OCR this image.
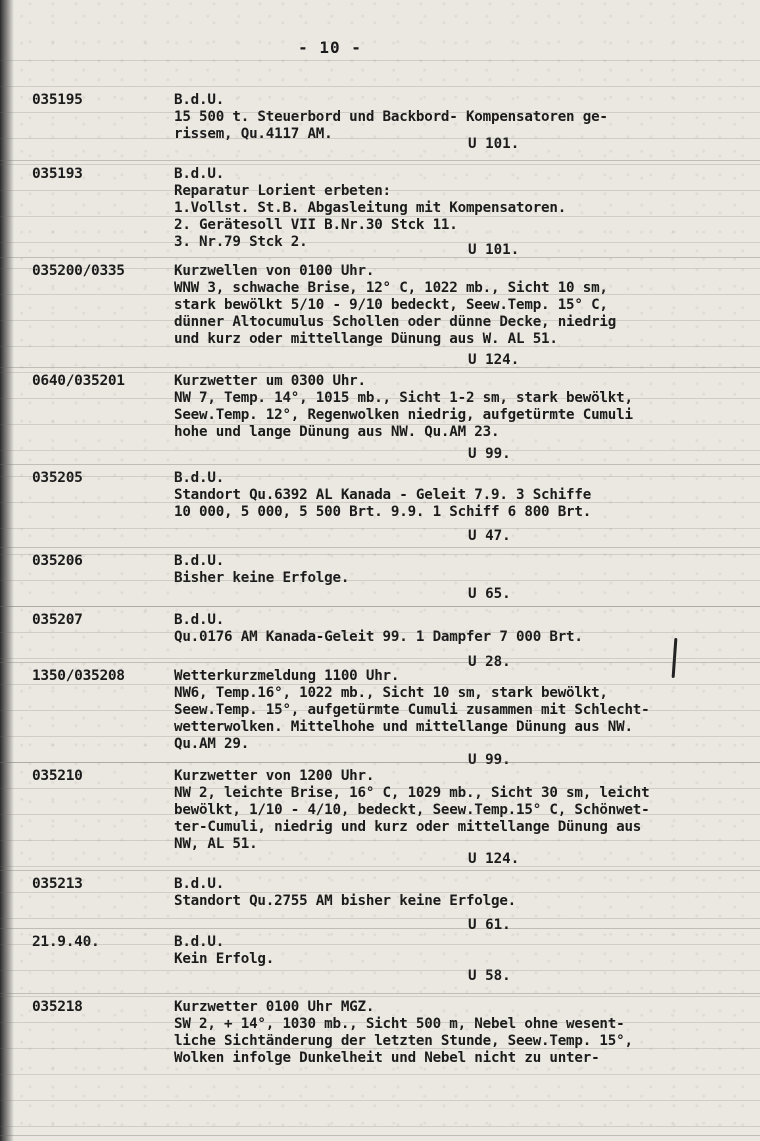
- 10 -
035195	B.d.U.
15 500 t. Steuerbord und Backbord- Kompensatoren ge-
rissem, Qu.4117 AM.
U 101.
035193	B.d.U.
Reparatur Lorient erbeten:
1.Vollst. St.B. Abgasleitung mit Kompensatoren.
2. Gerätesoll VII B.Nr.30 Stck 11.
3. Nr.79 Stck 2.	U 101.
035200/0335	Kurzwellen von 0100 Uhr.
WNW 3, schwache Brise, 12° C, 1022 mb., Sicht 10 sm,
stark bewölkt 5/10 - 9/10 bedeckt, Seew.Temp. 15° C,
dünner Altocumulus Schollen oder dünne Decke, niedrig
und kurz oder mittellange Dünung aus W. AL 51.
U 124.
0640/035201	Kurzwetter um 0300 Uhr.
NW 7, Temp. 14°, 1015 mb., Sicht 1-2 sm, stark bewölkt,
Seew.Temp. 12°, Regenwolken niedrig, aufgetürmte Cumuli
hohe und lange Dünung aus NW. Qu.AM 23.
U 99.
035205	B.d.U.
Standort Qu.6392 AL Kanada - Geleit 7.9. 3 Schiffe
10 000, 5 000, 5 500 Brt. 9.9. 1 Schiff 6 800 Brt.
U 47.
035206	B.d.U.
Bisher keine Erfolge.
U 65.
035207	B.d.U.
Qu.0176 AM Kanada-Geleit 99. 1 Dampfer 7 000 Brt.
U 28.
1350/035208	Wetterkurzmeldung 1100 Uhr.
NW6, Temp.16°, 1022 mb., Sicht 10 sm, stark bewölkt,
Seew.Temp. 15°, aufgetürmte Cumuli zusammen mit Schlecht-
wetterwolken. Mittelhohe und mittellange Dünung aus NW.
Qu.AM 29.
U 99.
035210	Kurzwetter von 1200 Uhr.
NW 2, leichte Brise, 16° C, 1029 mb., Sicht 30 sm, leicht
bewölkt, 1/10 - 4/10, bedeckt, Seew.Temp.15° C, Schönwet-
ter-Cumuli, niedrig und kurz oder mittellange Dünung aus
NW, AL 51.
U 124.
035213	B.d.U.
Standort Qu.2755 AM bisher keine Erfolge.
U 61.
21.9.40.	B.d.U.
Kein Erfolg.
U 58.
035218	Kurzwetter 0100 Uhr MGZ.
SW 2, + 14°, 1030 mb., Sicht 500 m, Nebel ohne wesent-
liche Sichtänderung der letzten Stunde, Seew.Temp. 15°,
Wolken infolge Dunkelheit und Nebel nicht zu unter-
